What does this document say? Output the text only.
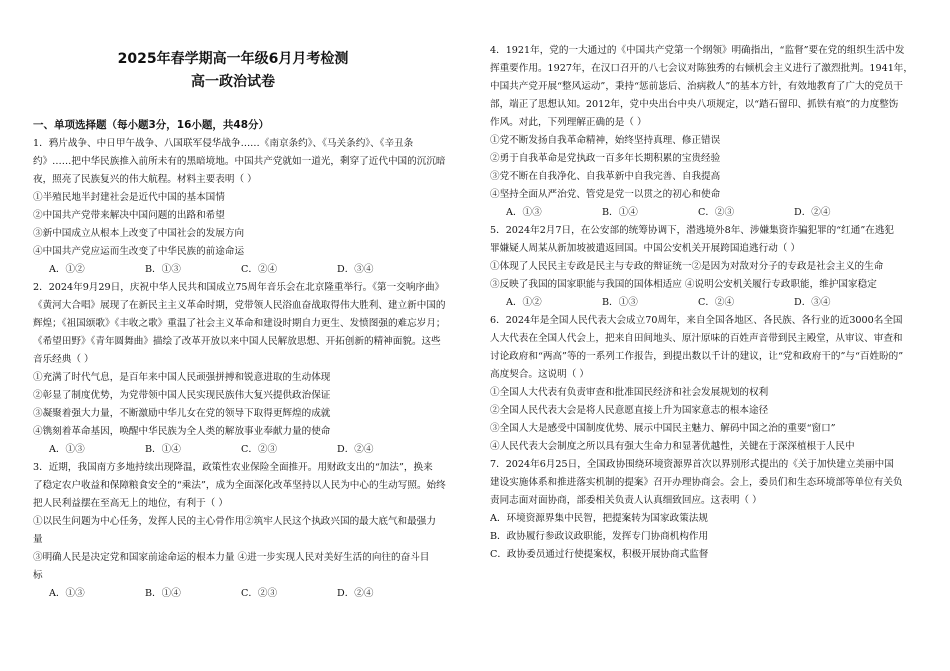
2025年春学期高一年级6月月考检测
高一政治试卷
一、单项选择题（每小题3分，16小题，共48分）
1．鸦片战争、中日甲午战争、八国联军侵华战争……《南京条约》、《马关条约》、《辛丑条
约》……把中华民族推入前所未有的黑暗境地。中国共产党就如一道光，剩穿了近代中国的沉沉暗
夜，照亮了民族复兴的伟大航程。材料主要表明（ ）
①半殖民地半封建社会是近代中国的基本国情
②中国共产党带来解决中国问题的出路和希望
③新中国成立从根本上改变了中国社会的发展方向
④中国共产党应运而生改变了中华民族的前途命运
A．①②	B．①③	C．②④	D．③④
2．2024年9月29日，庆祝中华人民共和国成立75周年音乐会在北京隆重举行。《第一交响序曲》
《黄河大合唱》展现了在新民主主义革命时期，党带领人民浴血奋战取得伟大胜利、建立新中国的
辉煌；《祖国颂歌》《丰收之歌》重温了社会主义革命和建设时期自力更生、发愤图强的难忘岁月；
《希望田野》《青年圆舞曲》描绘了改革开放以来中国人民解放思想、开拓创新的精神面貌。这些
音乐经典（ ）
①充满了时代气息，是百年来中国人民顽强拼搏和锐意进取的生动体现
②彰显了制度优势，为党带领中国人民实现民族伟大复兴提供政治保证
③凝聚着强大力量，不断激励中华儿女在党的领导下取得更辉煌的成就
④镌刻着革命基因，唤醒中华民族为全人类的解放事业奉献力量的使命
A．①③	B．①④	C．②③	D．②④
3．近期，我国南方多地持续出现降温，政策性农业保险全面推开。用财政支出的“加法”，换来
了稳定农户收益和保障粮食安全的“乘法”，成为全面深化改革坚持以人民为中心的生动写照。始终
把人民利益摆在至高无上的地位，有利于（ ）
①以民生问题为中心任务，发挥人民的主心骨作用②筑牢人民这个执政兴国的最大底气和最强力
量
③明确人民是决定党和国家前途命运的根本力量 ④进一步实现人民对美好生活的向往的奋斗目
标
A．①③	B．①④	C．②③	D．②④
4．1921年，党的一大通过的《中国共产党第一个纲领》明确指出，“监督”要在党的组织生活中发
挥重要作用。1927年，在汉口召开的八七会议对陈独秀的右倾机会主义进行了激烈批判。1941年，
中国共产党开展“整风运动”，秉持“惩前毖后、治病救人”的基本方针，有效地教育了广大的党员干
部，端正了思想认知。2012年，党中央出台中央八项规定，以“踏石留印、抓铁有痕”的力度整饬
作风。对此，下列理解正确的是（ ）
①党不断发扬自我革命精神，始终坚持真理、修正错误
②勇于自我革命是党执政一百多年长期积累的宝贵经验
③党不断在自我净化、自我革新中自我完善、自我提高
④坚持全面从严治党、管党是党一以贯之的初心和使命
A．①③	B．①④	C．②③	D．②④
5．2024年2月7日，在公安部的统筹协调下，潜逃境外8年、涉嫌集资诈骗犯罪的“红通”在逃犯
罪嫌疑人周某从新加坡被遣返回国。中国公安机关开展跨国追逃行动（ ）
①体现了人民民主专政是民主与专政的辩证统一②是因为对敌对分子的专政是社会主义的生命
③反映了我国的国家职能与我国的国体相适应 ④说明公安机关履行专政职能，维护国家稳定
A．①②	B．①③	C．②④	D．③④
6．2024年是全国人民代表大会成立70周年，来自全国各地区、各民族、各行业的近3000名全国
人大代表在全国人代会上，把来自田间地头、原汁原味的百姓声音带到民主殿堂，从审议、审查和
讨论政府和“两高”等的一系列工作报告，到提出数以千计的建议，让“党和政府干的”与“百姓盼的”
高度契合。这说明（ ）
①全国人大代表有负责审查和批准国民经济和社会发展规划的权利
②全国人民代表大会是将人民意愿直接上升为国家意志的根本途径
③全国人大是感受中国制度优势、展示中国民主魅力、解码中国之治的重要“窗口”
④人民代表大会制度之所以具有强大生命力和显著优越性，关键在于深深植根于人民中
7．2024年6月25日，全国政协围绕环境资源界首次以界别形式提出的《关于加快建立美丽中国
建设实施体系和推进落实机制的提案》召开办理协商会。会上，委员们和生态环境部等单位有关负
责同志面对面协商，部委相关负责人认真细致回应。这表明（ ）
A．环境资源界集中民智，把提案转为国家政策法规
B．政协履行参政议政职能，发挥专门协商机构作用
C．政协委员通过行使提案权，积极开展协商式监督
